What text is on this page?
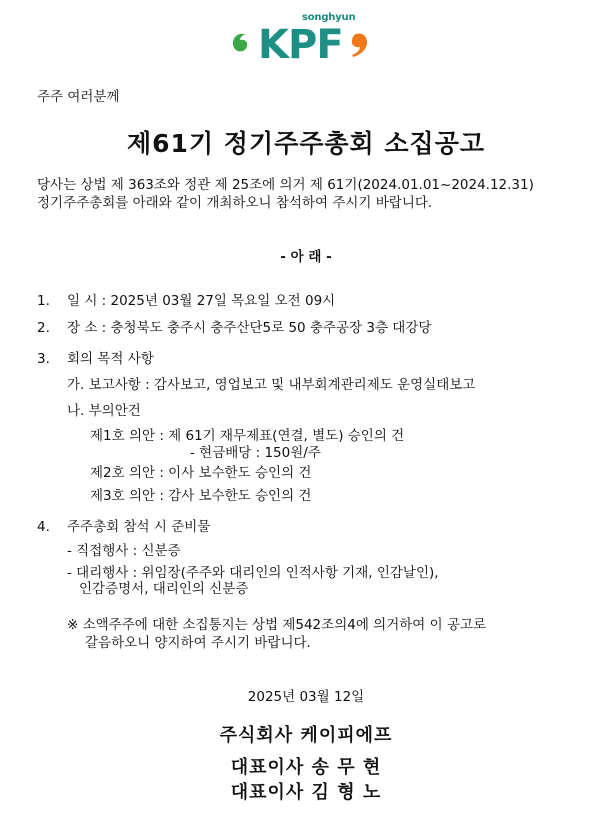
songhyun
KPF
주주 여러분께
제61기 정기주주총회 소집공고
당사는 상법 제 363조와 정관 제 25조에 의거 제 61기(2024.01.01~2024.12.31)
정기주주총회를 아래와 같이 개최하오니 참석하여 주시기 바랍니다.
- 아 래 -
1. 일 시 : 2025년 03월 27일 목요일 오전 09시
2. 장 소 : 충청북도 충주시 충주산단5로 50 충주공장 3층 대강당
3. 회의 목적 사항
가. 보고사항 : 감사보고, 영업보고 및 내부회계관리제도 운영실태보고
나. 부의안건
제1호 의안 : 제 61기 재무제표(연결, 별도) 승인의 건
- 현금배당 : 150원/주
제2호 의안 : 이사 보수한도 승인의 건
제3호 의안 : 감사 보수한도 승인의 건
4. 주주총회 참석 시 준비물
- 직접행사 : 신분증
- 대리행사 : 위임장(주주와 대리인의 인적사항 기재, 인감날인),
인감증명서, 대리인의 신분증
※ 소액주주에 대한 소집통지는 상법 제542조의4에 의거하여 이 공고로
갈음하오니 양지하여 주시기 바랍니다.
2025년 03월 12일
주식회사 케이피에프
대표이사 송 무 현
대표이사 김 형 노
